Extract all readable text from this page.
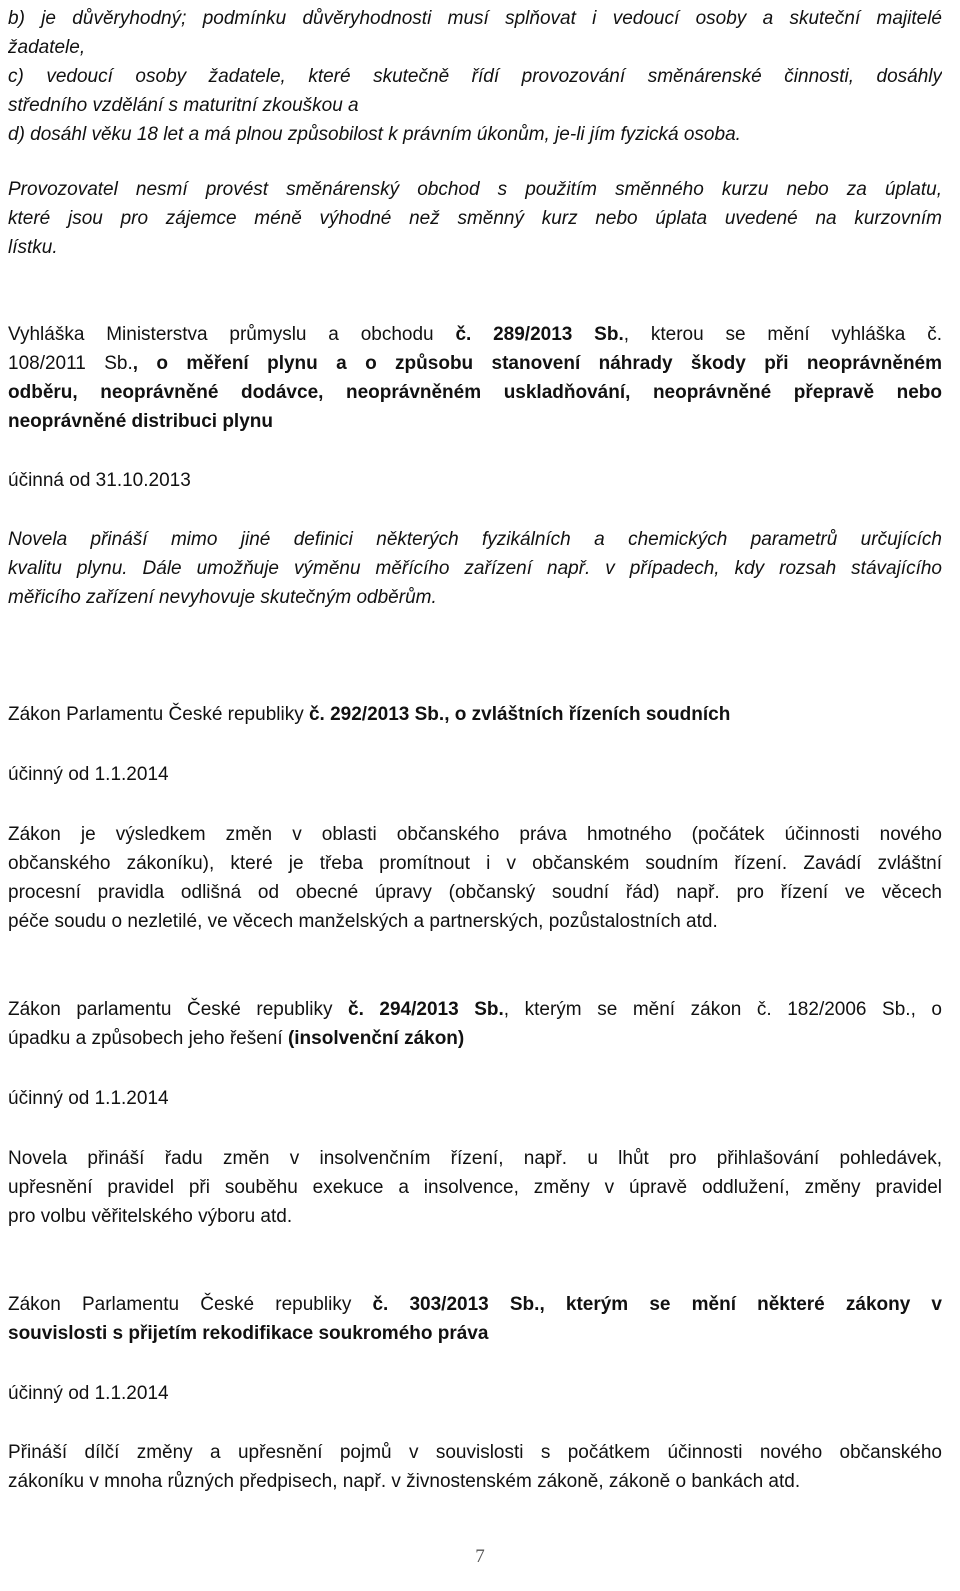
b) je důvěryhodný; podmínku důvěryhodnosti musí splňovat i vedoucí osoby a skuteční majitelé
žadatele,
c) vedoucí osoby žadatele, které skutečně řídí provozování směnárenské činnosti, dosáhly
středního vzdělání s maturitní zkouškou a
d) dosáhl věku 18 let a má plnou způsobilost k právním úkonům, je-li jím fyzická osoba.
Provozovatel nesmí provést směnárenský obchod s použitím směnného kurzu nebo za úplatu,
které jsou pro zájemce méně výhodné než směnný kurz nebo úplata uvedené na kurzovním
lístku.
Vyhláška Ministerstva průmyslu a obchodu č. 289/2013 Sb., kterou se mění vyhláška č.
108/2011 Sb., o měření plynu a o způsobu stanovení náhrady škody při neoprávněném
odběru, neoprávněné dodávce, neoprávněném uskladňování, neoprávněné přepravě nebo
neoprávněné distribuci plynu
účinná od 31.10.2013
Novela přináší mimo jiné definici některých fyzikálních a chemických parametrů určujících
kvalitu plynu. Dále umožňuje výměnu měřícího zařízení např. v případech, kdy rozsah stávajícího
měřicího zařízení nevyhovuje skutečným odběrům.
Zákon Parlamentu České republiky č. 292/2013 Sb., o zvláštních řízeních soudních
účinný od 1.1.2014
Zákon je výsledkem změn v oblasti občanského práva hmotného (počátek účinnosti nového
občanského zákoníku), které je třeba promítnout i v občanském soudním řízení. Zavádí zvláštní
procesní pravidla odlišná od obecné úpravy (občanský soudní řád) např. pro řízení ve věcech
péče soudu o nezletilé, ve věcech manželských a partnerských, pozůstalostních atd.
Zákon parlamentu České republiky č. 294/2013 Sb., kterým se mění zákon č. 182/2006 Sb., o
úpadku a způsobech jeho řešení (insolvenční zákon)
účinný od 1.1.2014
Novela přináší řadu změn v insolvenčním řízení, např. u lhůt pro přihlašování pohledávek,
upřesnění pravidel při souběhu exekuce a insolvence, změny v úpravě oddlužení, změny pravidel
pro volbu věřitelského výboru atd.
Zákon Parlamentu České republiky č. 303/2013 Sb., kterým se mění některé zákony v
souvislosti s přijetím rekodifikace soukromého práva
účinný od 1.1.2014
Přináší dílčí změny a upřesnění pojmů v souvislosti s počátkem účinnosti nového občanského
zákoníku v mnoha různých předpisech, např. v živnostenském zákoně, zákoně o bankách atd.
7
